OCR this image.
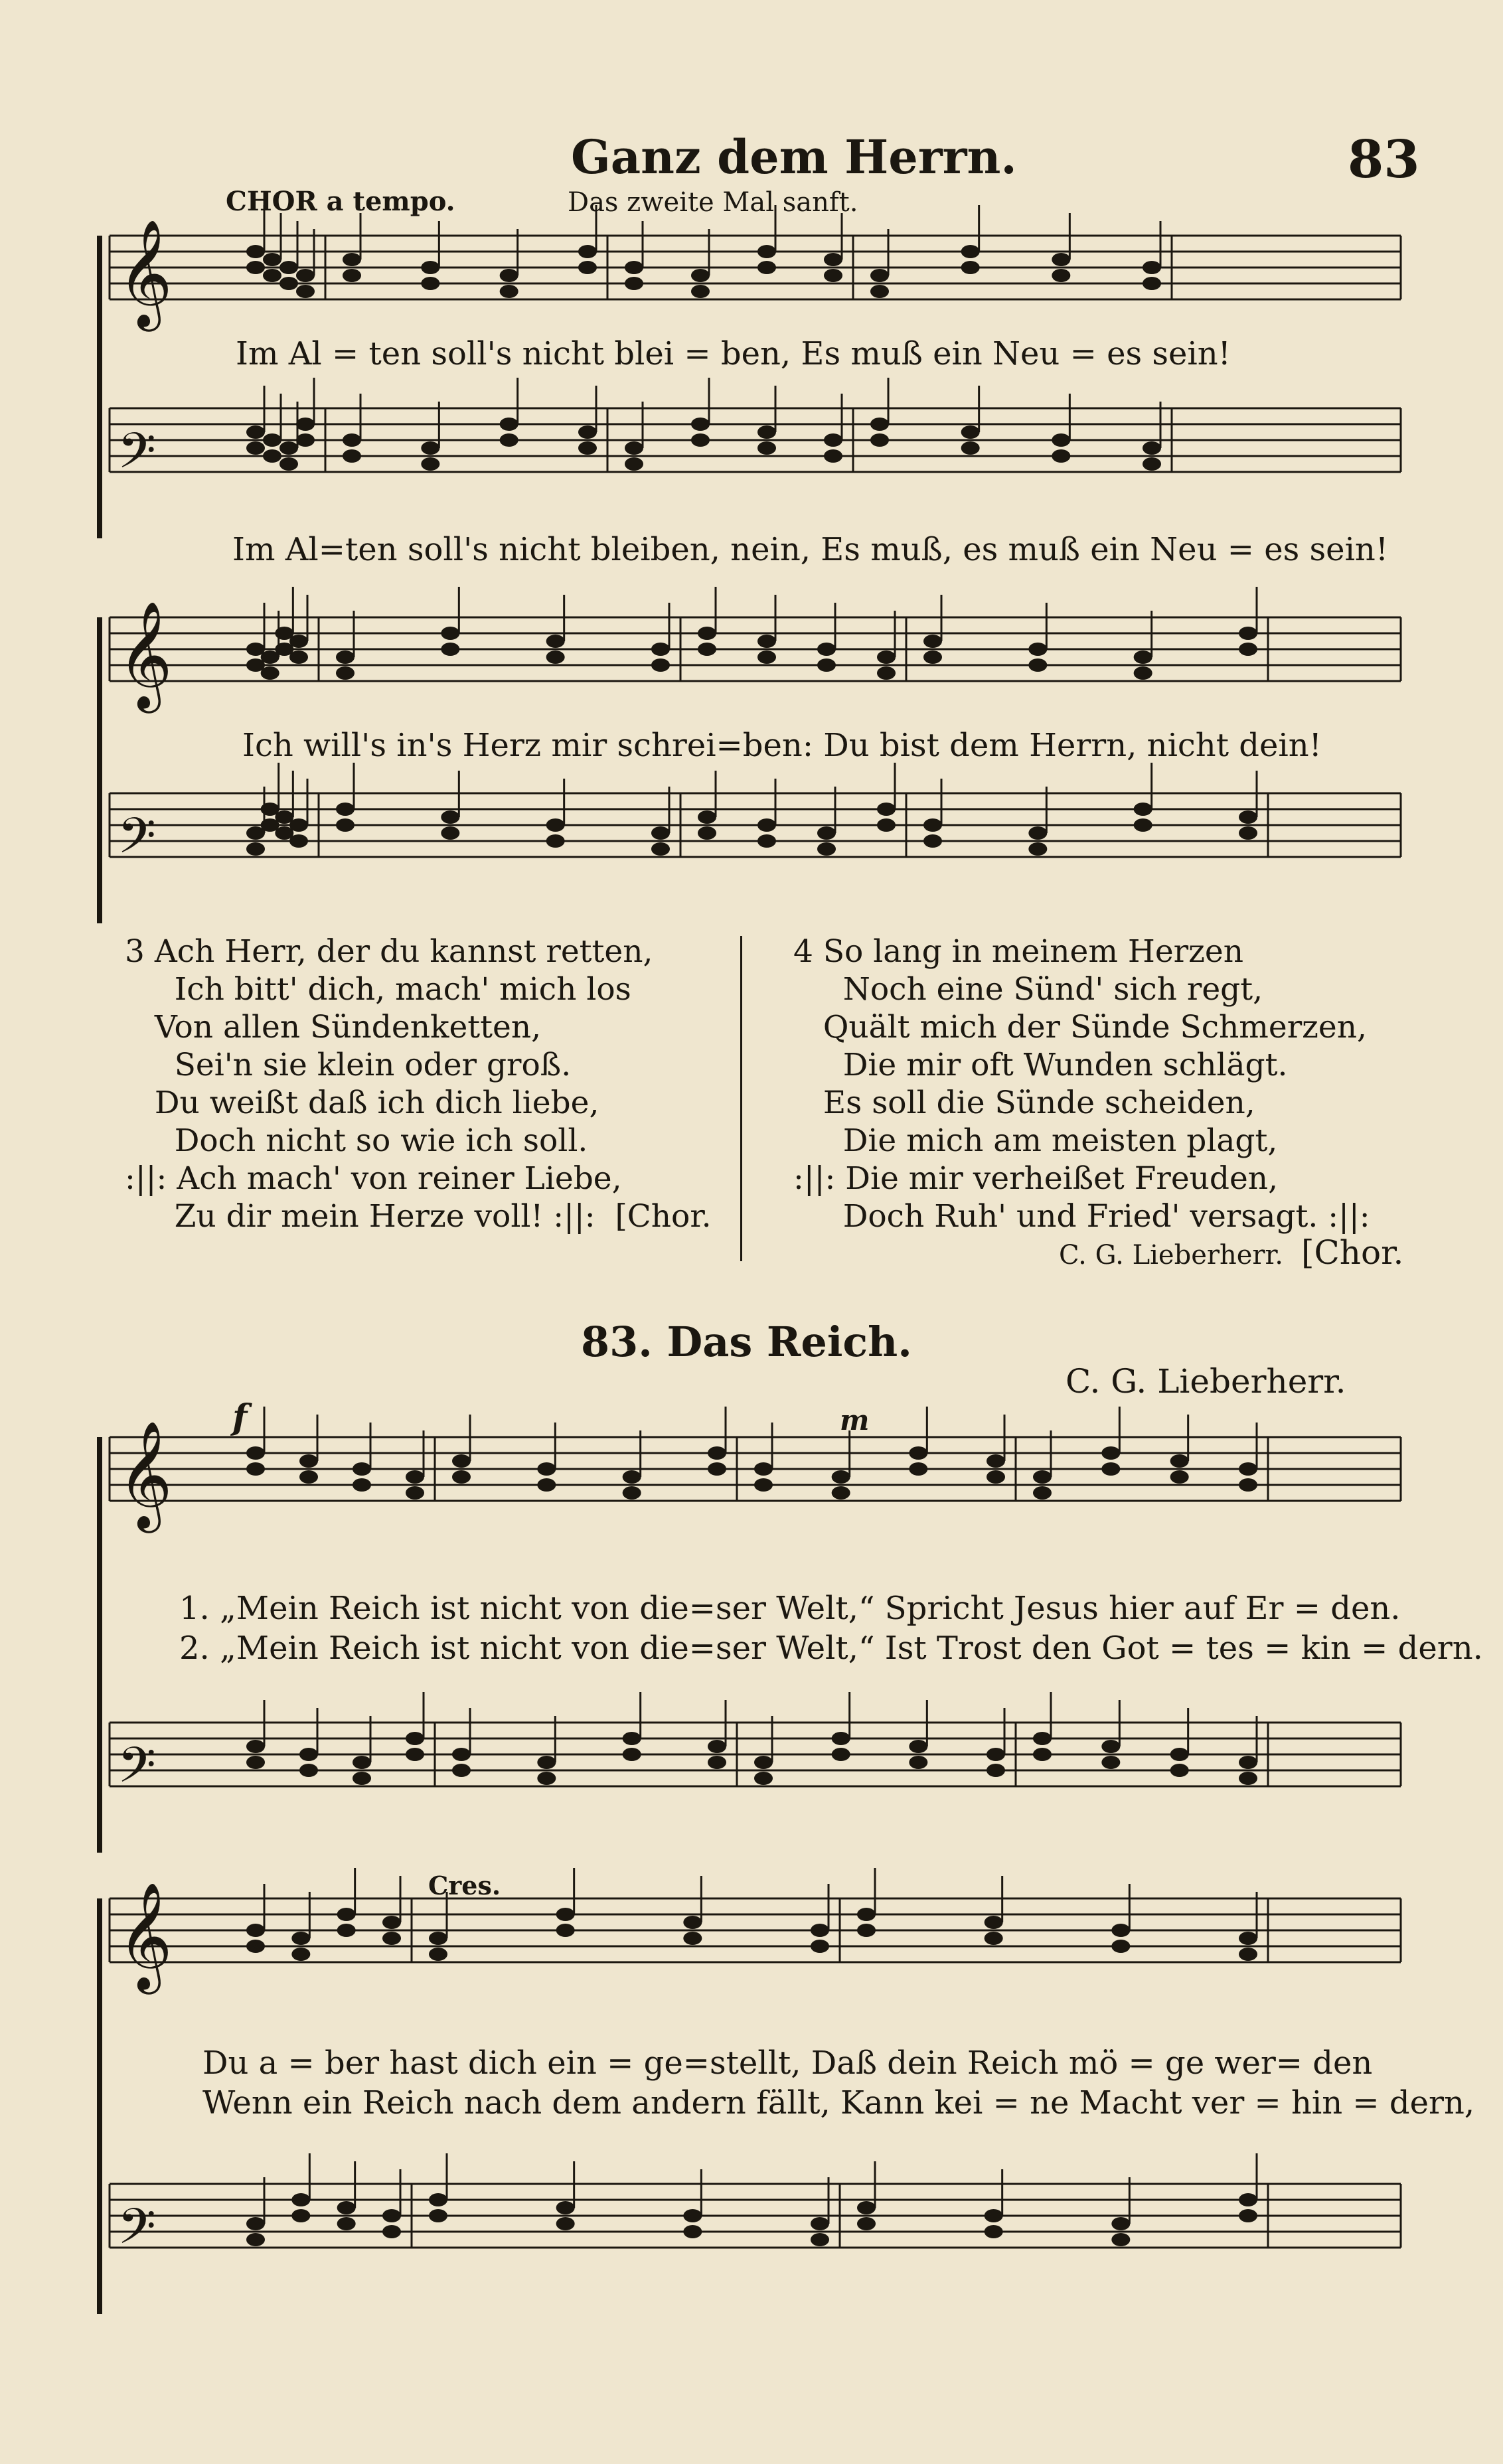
Ganz dem Herrn.	83
CHOR a tempo.	Das zweite Mal sanft.
𝄞
𝄢
𝄞
𝄢
𝄞
𝄢
𝄞
𝄢
Im Al = ten soll's nicht blei = ben, Es muß ein Neu = es sein!
Im Al=ten soll's nicht bleiben, nein, Es muß, es muß ein Neu = es sein!
Ich will's in's Herz mir schrei=ben: Du bist dem Herrn, nicht dein!
3 Ach Herr, der du kannst retten,
Ich bitt' dich, mach' mich los
Von allen Sündenketten,
Sei'n sie klein oder groß.
Du weißt daß ich dich liebe,
Doch nicht so wie ich soll.
:||: Ach mach' von reiner Liebe,
Zu dir mein Herze voll! :||:  [Chor.
4 So lang in meinem Herzen
Noch eine Sünd' sich regt,
Quält mich der Sünde Schmerzen,
Die mir oft Wunden schlägt.
Es soll die Sünde scheiden,
Die mich am meisten plagt,
:||: Die mir verheißet Freuden,
Doch Ruh' und Fried' versagt. :||:
C. G. Lieberherr. [Chor.
83. Das Reich.
C. G. Lieberherr.
f	m
Cres.
1. „Mein Reich ist nicht von die=ser Welt,“ Spricht Jesus hier auf Er = den.
2. „Mein Reich ist nicht von die=ser Welt,“ Ist Trost den Got = tes = kin = dern.
Du a = ber hast dich ein = ge=stellt, Daß dein Reich mö = ge wer= den
Wenn ein Reich nach dem andern fällt, Kann kei = ne Macht ver = hin = dern,
